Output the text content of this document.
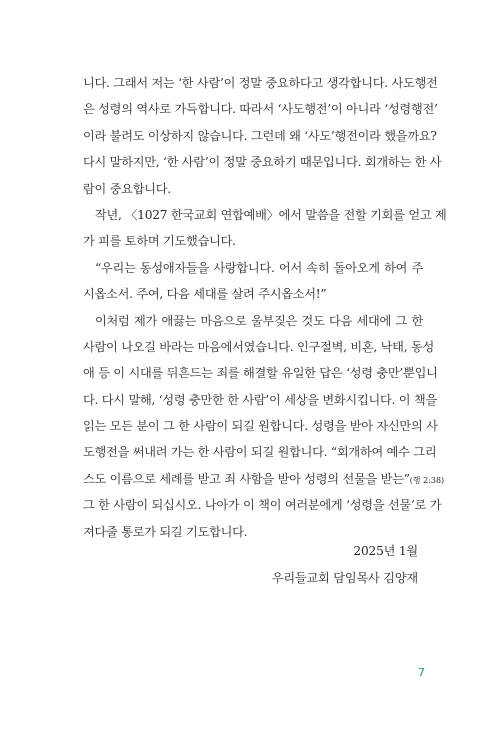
니다. 그래서 저는 ‘한 사람’이 정말 중요하다고 생각합니다. 사도행전
은 성령의 역사로 가득합니다. 따라서 ‘사도행전’이 아니라 ‘성령행전’
이라 불려도 이상하지 않습니다. 그런데 왜 ‘사도’행전이라 했을까요?
다시 말하지만, ‘한 사람’이 정말 중요하기 때문입니다. 회개하는 한 사
람이 중요합니다.
작년, 〈1027 한국교회 연합예배〉에서 말씀을 전할 기회를 얻고 제
가 피를 토하며 기도했습니다.
“우리는 동성애자들을 사랑합니다. 어서 속히 돌아오게 하여 주
시옵소서. 주여, 다음 세대를 살려 주시옵소서!”
이처럼 제가 애끓는 마음으로 울부짖은 것도 다음 세대에 그 한
사람이 나오길 바라는 마음에서였습니다. 인구절벽, 비혼, 낙태, 동성
애 등 이 시대를 뒤흔드는 죄를 해결할 유일한 답은 ‘성령 충만’뿐입니
다. 다시 말해, ‘성령 충만한 한 사람’이 세상을 변화시킵니다. 이 책을
읽는 모든 분이 그 한 사람이 되길 원합니다. 성령을 받아 자신만의 사
도행전을 써내려 가는 한 사람이 되길 원합니다. “회개하여 예수 그리
스도 이름으로 세례를 받고 죄 사함을 받아 성령의 선물을 받는”(행 2:38)
그 한 사람이 되십시오. 나아가 이 책이 여러분에게 ‘성령을 선물’로 가
져다줄 통로가 되길 기도합니다.
2025년 1월
우리들교회 담임목사 김양재
7
